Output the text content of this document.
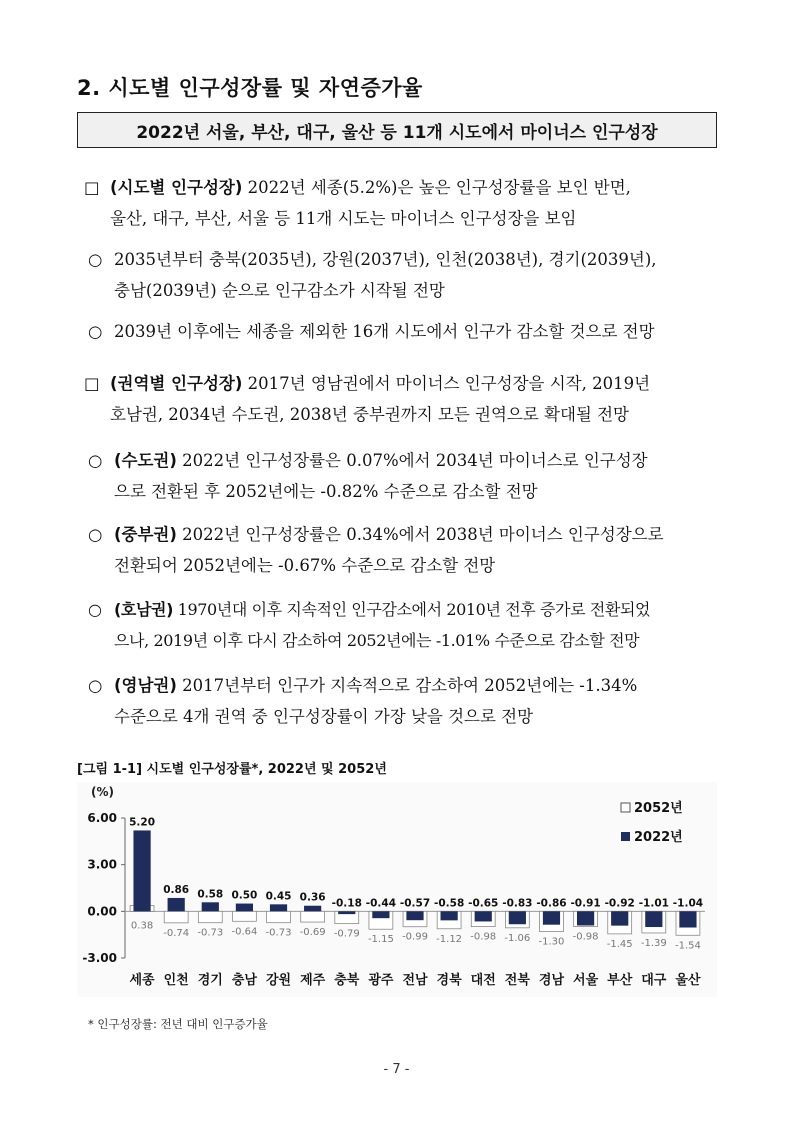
2. 시도별 인구성장률 및 자연증가율
2022년 서울, 부산, 대구, 울산 등 11개 시도에서 마이너스 인구성장
□ (시도별 인구성장) 2022년 세종(5.2%)은 높은 인구성장률을 보인 반면,
울산, 대구, 부산, 서울 등 11개 시도는 마이너스 인구성장을 보임
○ 2035년부터 충북(2035년), 강원(2037년), 인천(2038년), 경기(2039년),
충남(2039년) 순으로 인구감소가 시작될 전망
○ 2039년 이후에는 세종을 제외한 16개 시도에서 인구가 감소할 것으로 전망
□ (권역별 인구성장) 2017년 영남권에서 마이너스 인구성장을 시작, 2019년
호남권, 2034년 수도권, 2038년 중부권까지 모든 권역으로 확대될 전망
○ (수도권) 2022년 인구성장률은 0.07%에서 2034년 마이너스로 인구성장
으로 전환된 후 2052년에는 -0.82% 수준으로 감소할 전망
○ (중부권) 2022년 인구성장률은 0.34%에서 2038년 마이너스 인구성장으로
전환되어 2052년에는 -0.67% 수준으로 감소할 전망
○ (호남권) 1970년대 이후 지속적인 인구감소에서 2010년 전후 증가로 전환되었
으나, 2019년 이후 다시 감소하여 2052년에는 -1.01% 수준으로 감소할 전망
○ (영남권) 2017년부터 인구가 지속적으로 감소하여 2052년에는 -1.34%
수준으로 4개 권역 중 인구성장률이 가장 낮을 것으로 전망
[그림 1-1] 시도별 인구성장률*, 2022년 및 2052년
(%)
6.00
3.00
0.00
-3.00
5.20
0.38
세종
0.86
-0.74
인천
0.58
-0.73
경기
0.50
-0.64
충남
0.45
-0.73
강원
0.36
-0.69
제주
-0.18
-0.79
충북
-0.44
-1.15
광주
-0.57
-0.99
전남
-0.58
-1.12
경북
-0.65
-0.98
대전
-0.83
-1.06
전북
-0.86
-1.30
경남
-0.91
-0.98
서울
-0.92
-1.45
부산
-1.01
-1.39
대구
-1.04
-1.54
울산
2052년
2022년
* 인구성장률: 전년 대비 인구증가율
- 7 -
